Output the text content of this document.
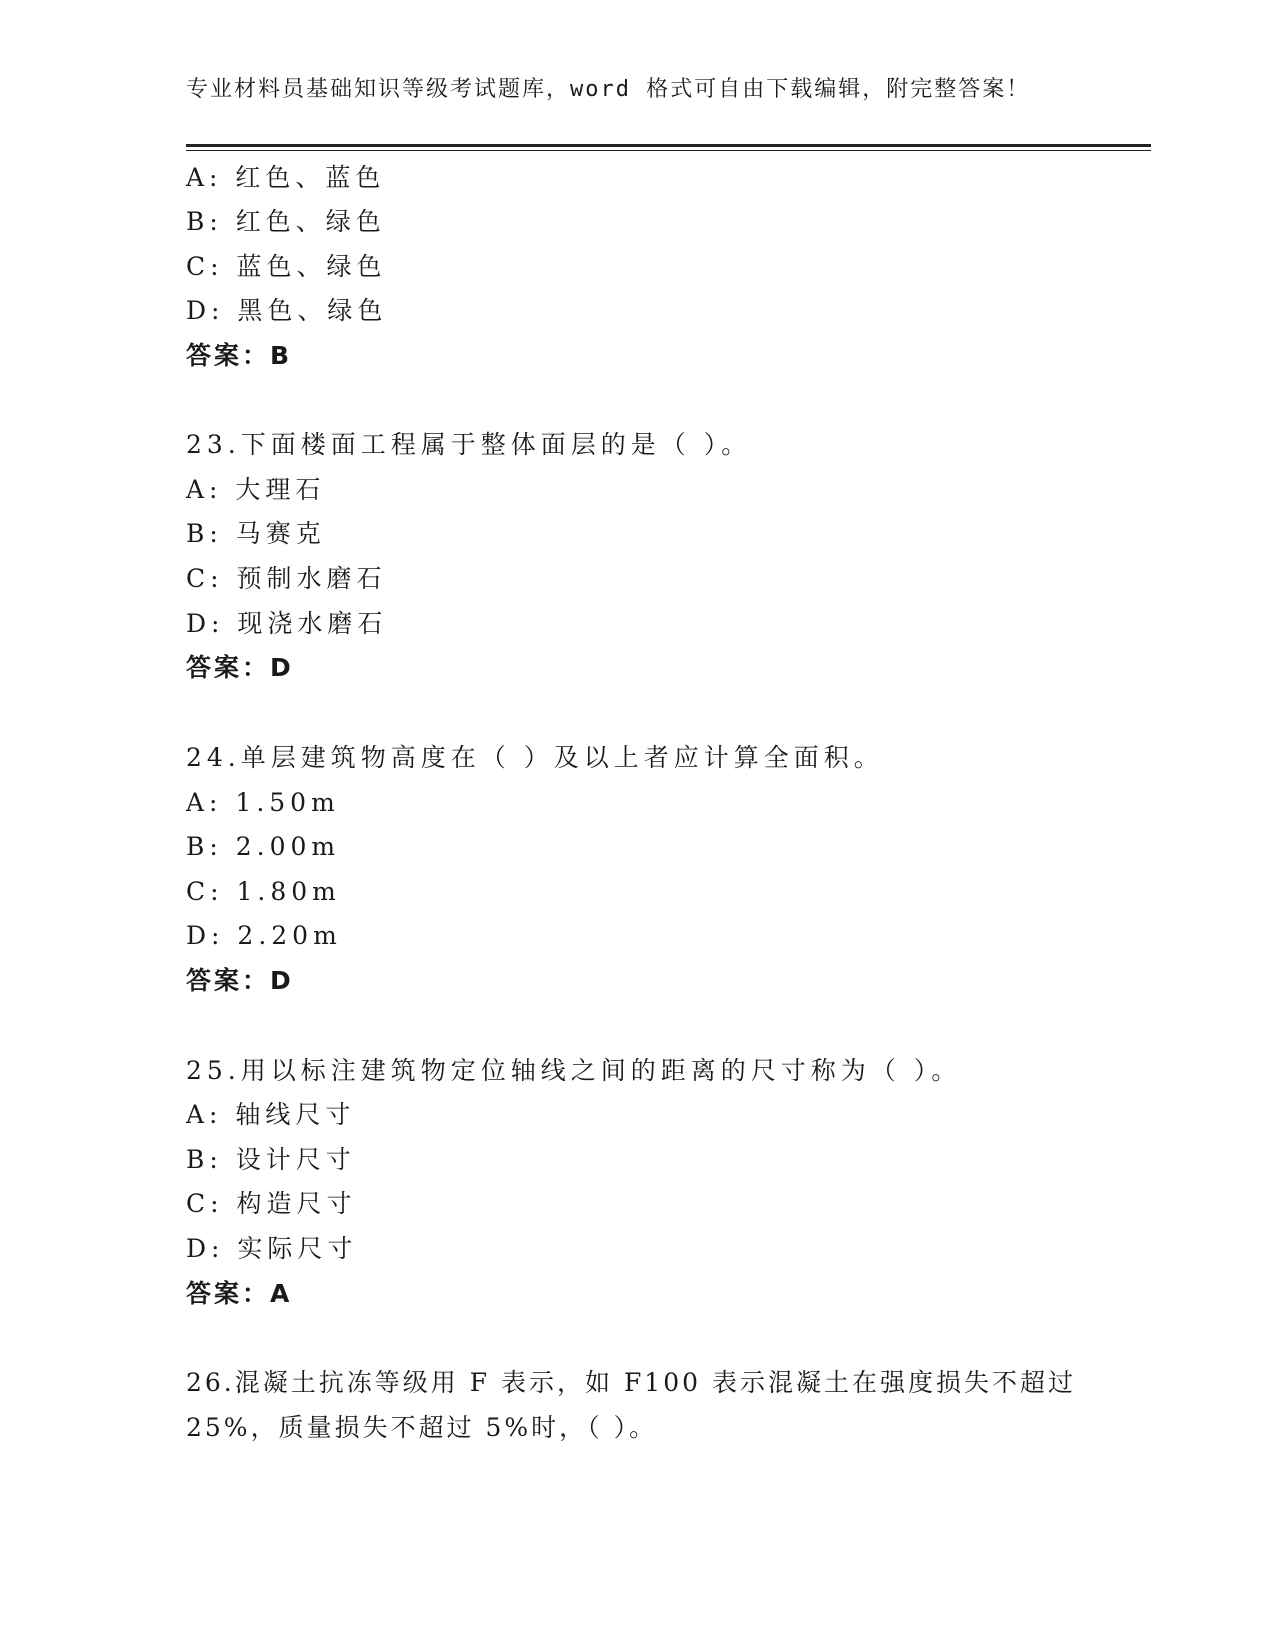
专业材料员基础知识等级考试题库，word 格式可自由下载编辑，附完整答案！
A: 红色、蓝色
B: 红色、绿色
C: 蓝色、绿色
D: 黑色、绿色
答案：B
23.下面楼面工程属于整体面层的是（ ）。
A: 大理石
B: 马赛克
C: 预制水磨石
D: 现浇水磨石
答案：D
24.单层建筑物高度在（ ）及以上者应计算全面积。
A: 1.50m
B: 2.00m
C: 1.80m
D: 2.20m
答案：D
25.用以标注建筑物定位轴线之间的距离的尺寸称为（ ）。
A: 轴线尺寸
B: 设计尺寸
C: 构造尺寸
D: 实际尺寸
答案：A
26.混凝土抗冻等级用 F 表示，如 F100 表示混凝土在强度损失不超过
25%，质量损失不超过 5%时，（ ）。
